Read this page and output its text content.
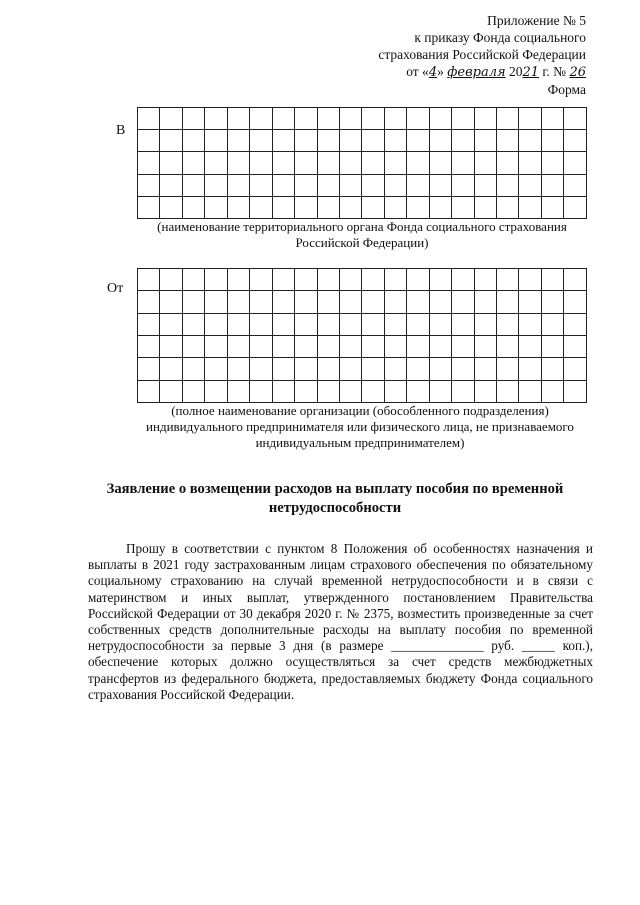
Приложение № 5
к приказу Фонда социального
страхования Российской Федерации
от «4» февраля 2021 г. № 26
Форма
В

(наименование территориального органа Фонда социального страхования
Российской Федерации)
От

(полное наименование организации (обособленного подразделения)
индивидуального предпринимателя или физического лица, не признаваемого
индивидуальным предпринимателем)
Заявление о возмещении расходов на выплату пособия по временной
нетрудоспособности
Прошу в соответствии с пунктом 8 Положения об особенностях назначения и выплаты в 2021 году застрахованным лицам страхового обеспечения по обязательному социальному страхованию на случай временной нетрудоспособности и в связи с материнством и иных выплат, утвержденного постановлением Правительства Российской Федерации от 30 декабря 2020 г. № 2375, возместить произведенные за счет собственных средств дополнительные расходы на выплату пособия по временной нетрудоспособности за первые 3 дня (в размере ______________ руб. _____ коп.), обеспечение которых должно осуществляться за счет средств межбюджетных трансфертов из федерального бюджета, предоставляемых бюджету Фонда социального страхования Российской Федерации.
